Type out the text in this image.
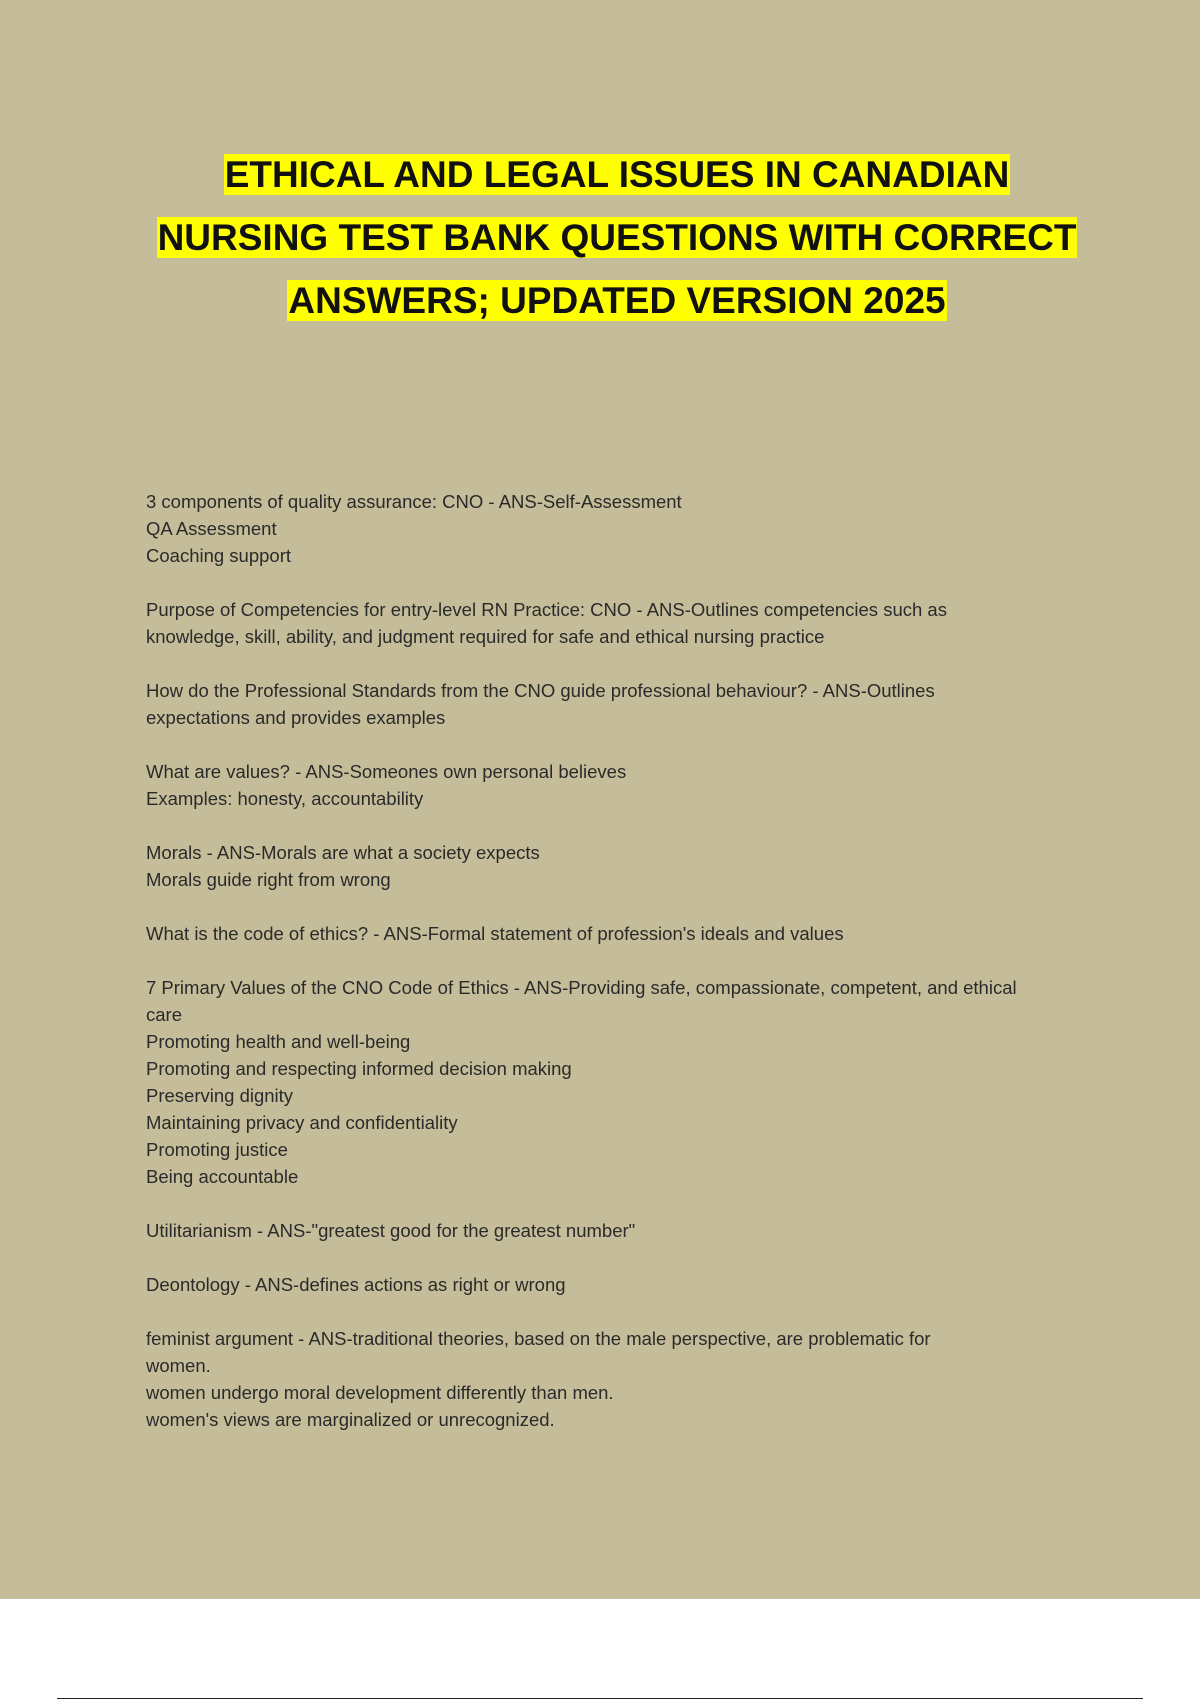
ETHICAL AND LEGAL ISSUES IN CANADIAN
NURSING TEST BANK QUESTIONS WITH CORRECT
ANSWERS; UPDATED VERSION 2025
3 components of quality assurance: CNO - ANS-Self-Assessment
QA Assessment
Coaching support
Purpose of Competencies for entry-level RN Practice: CNO - ANS-Outlines competencies such as
knowledge, skill, ability, and judgment required for safe and ethical nursing practice
How do the Professional Standards from the CNO guide professional behaviour? - ANS-Outlines
expectations and provides examples
What are values? - ANS-Someones own personal believes
Examples: honesty, accountability
Morals - ANS-Morals are what a society expects
Morals guide right from wrong
What is the code of ethics? - ANS-Formal statement of profession's ideals and values
7 Primary Values of the CNO Code of Ethics - ANS-Providing safe, compassionate, competent, and ethical
care
Promoting health and well-being
Promoting and respecting informed decision making
Preserving dignity
Maintaining privacy and confidentiality
Promoting justice
Being accountable
Utilitarianism - ANS-"greatest good for the greatest number"
Deontology - ANS-defines actions as right or wrong
feminist argument - ANS-traditional theories, based on the male perspective, are problematic for
women.
women undergo moral development differently than men.
women's views are marginalized or unrecognized.
